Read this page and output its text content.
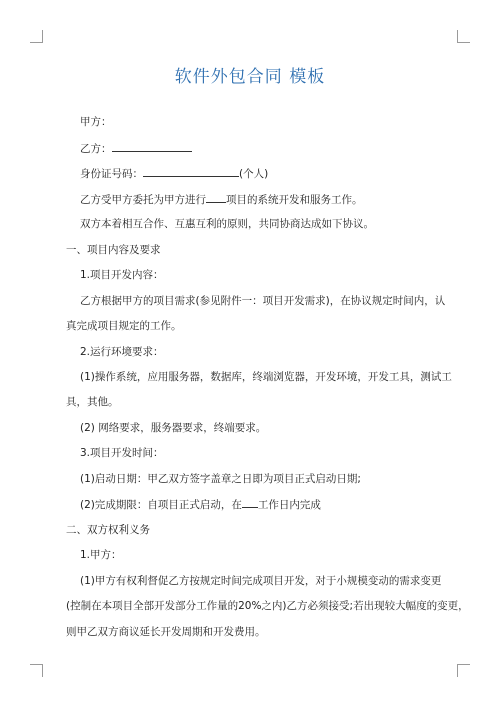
软件外包合同 模板
甲方：
乙方：
身份证号码：	(个人)
乙方受甲方委托为甲方进行 项目的系统开发和服务工作。
双方本着相互合作、互惠互利的原则，共同协商达成如下协议。
一、项目内容及要求
1.项目开发内容：
乙方根据甲方的项目需求(参见附件一：项目开发需求)，在协议规定时间内，认
真完成项目规定的工作。
2.运行环境要求：
(1)操作系统，应用服务器，数据库，终端浏览器，开发环境，开发工具，测试工
具，其他。
(2) 网络要求，服务器要求，终端要求。
3.项目开发时间：
(1)启动日期：甲乙双方签字盖章之日即为项目正式启动日期;
(2)完成期限：自项目正式启动，在 工作日内完成
二、双方权利义务
1.甲方：
(1)甲方有权利督促乙方按规定时间完成项目开发，对于小规模变动的需求变更
(控制在本项目全部开发部分工作量的20%之内)乙方必须接受;若出现较大幅度的变更，
则甲乙双方商议延长开发周期和开发费用。
